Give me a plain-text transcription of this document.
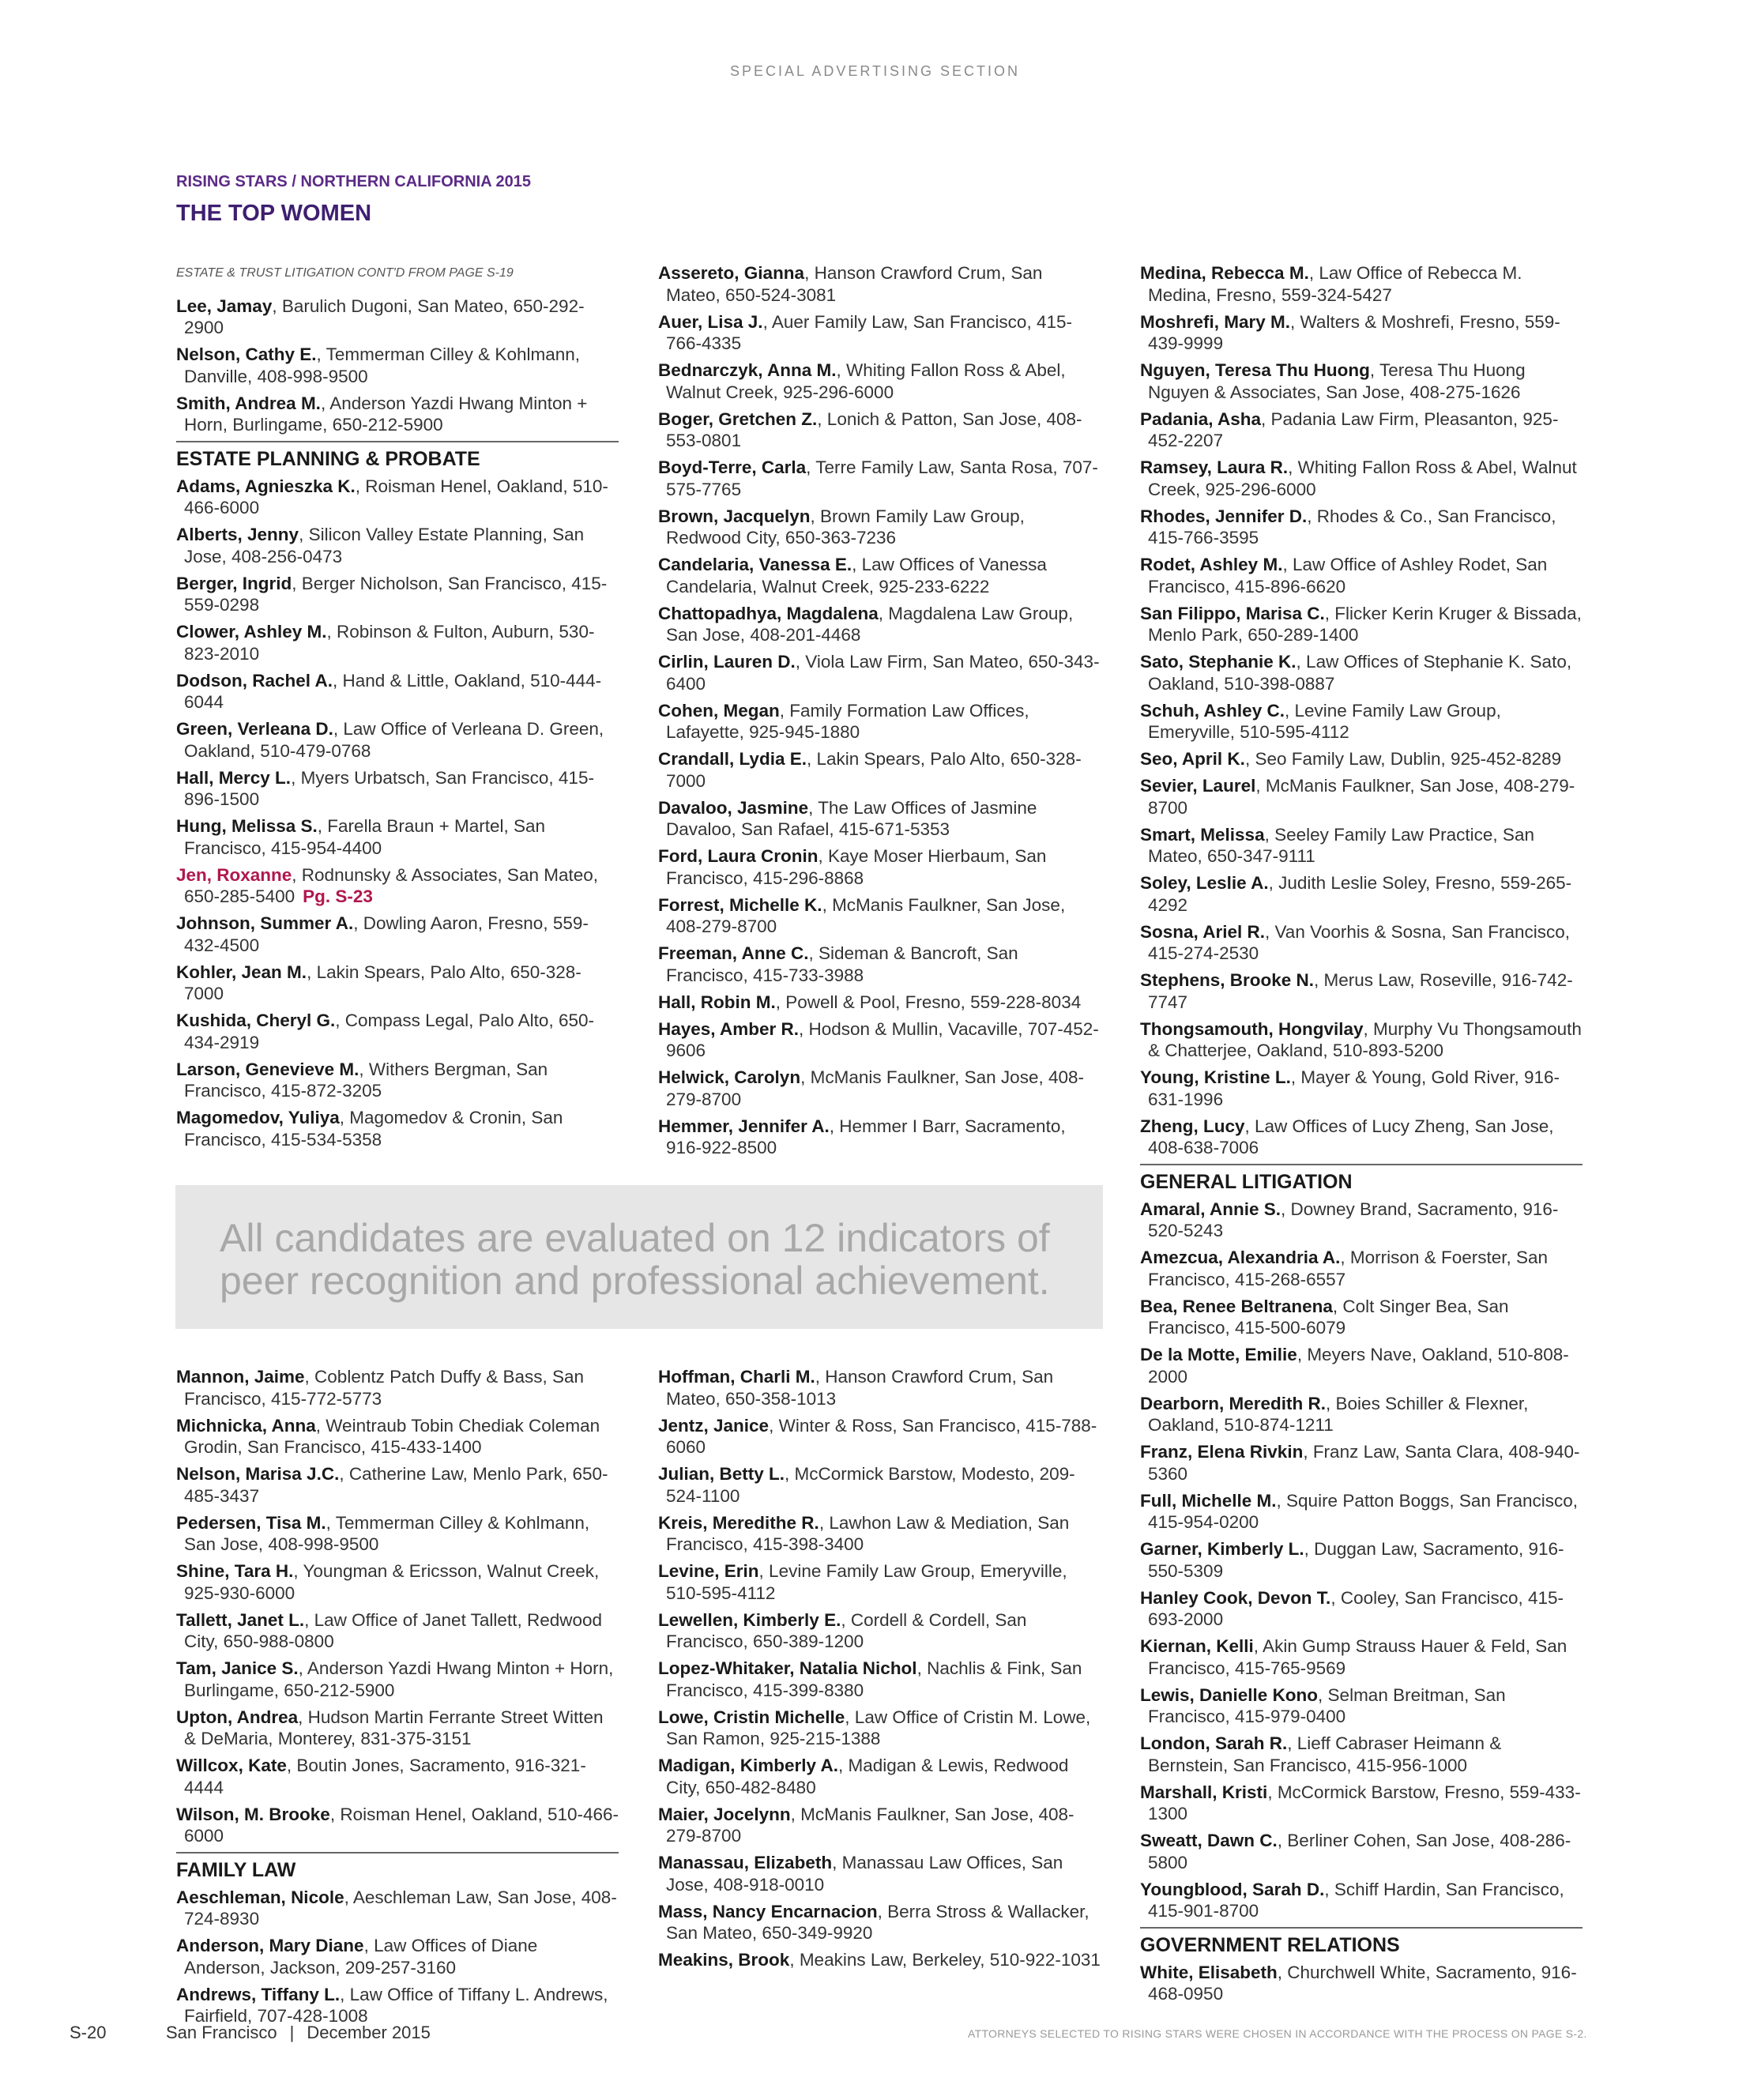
SPECIAL ADVERTISING SECTION
RISING STARS / NORTHERN CALIFORNIA 2015
THE TOP WOMEN
ESTATE & TRUST LITIGATION CONT'D FROM PAGE S-19
Lee, Jamay, Barulich Dugoni, San Mateo, 650-292-2900
Nelson, Cathy E., Temmerman Cilley & Kohlmann, Danville, 408-998-9500
Smith, Andrea M., Anderson Yazdi Hwang Minton + Horn, Burlingame, 650-212-5900
ESTATE PLANNING & PROBATE
Adams, Agnieszka K., Roisman Henel, Oakland, 510-466-6000
Alberts, Jenny, Silicon Valley Estate Planning, San Jose, 408-256-0473
Berger, Ingrid, Berger Nicholson, San Francisco, 415-559-0298
Clower, Ashley M., Robinson & Fulton, Auburn, 530-823-2010
Dodson, Rachel A., Hand & Little, Oakland, 510-444-6044
Green, Verleana D., Law Office of Verleana D. Green, Oakland, 510-479-0768
Hall, Mercy L., Myers Urbatsch, San Francisco, 415-896-1500
Hung, Melissa S., Farella Braun + Martel, San Francisco, 415-954-4400
Jen, Roxanne, Rodnunsky & Associates, San Mateo, 650-285-5400 Pg. S-23
Johnson, Summer A., Dowling Aaron, Fresno, 559-432-4500
Kohler, Jean M., Lakin Spears, Palo Alto, 650-328-7000
Kushida, Cheryl G., Compass Legal, Palo Alto, 650-434-2919
Larson, Genevieve M., Withers Bergman, San Francisco, 415-872-3205
Magomedov, Yuliya, Magomedov & Cronin, San Francisco, 415-534-5358
Assereto, Gianna, Hanson Crawford Crum, San Mateo, 650-524-3081
Auer, Lisa J., Auer Family Law, San Francisco, 415-766-4335
Bednarczyk, Anna M., Whiting Fallon Ross & Abel, Walnut Creek, 925-296-6000
Boger, Gretchen Z., Lonich & Patton, San Jose, 408-553-0801
Boyd-Terre, Carla, Terre Family Law, Santa Rosa, 707-575-7765
Brown, Jacquelyn, Brown Family Law Group, Redwood City, 650-363-7236
Candelaria, Vanessa E., Law Offices of Vanessa Candelaria, Walnut Creek, 925-233-6222
Chattopadhya, Magdalena, Magdalena Law Group, San Jose, 408-201-4468
Cirlin, Lauren D., Viola Law Firm, San Mateo, 650-343-6400
Cohen, Megan, Family Formation Law Offices, Lafayette, 925-945-1880
Crandall, Lydia E., Lakin Spears, Palo Alto, 650-328-7000
Davaloo, Jasmine, The Law Offices of Jasmine Davaloo, San Rafael, 415-671-5353
Ford, Laura Cronin, Kaye Moser Hierbaum, San Francisco, 415-296-8868
Forrest, Michelle K., McManis Faulkner, San Jose, 408-279-8700
Freeman, Anne C., Sideman & Bancroft, San Francisco, 415-733-3988
Hall, Robin M., Powell & Pool, Fresno, 559-228-8034
Hayes, Amber R., Hodson & Mullin, Vacaville, 707-452-9606
Helwick, Carolyn, McManis Faulkner, San Jose, 408-279-8700
Hemmer, Jennifer A., Hemmer I Barr, Sacramento, 916-922-8500
Medina, Rebecca M., Law Office of Rebecca M. Medina, Fresno, 559-324-5427
Moshrefi, Mary M., Walters & Moshrefi, Fresno, 559-439-9999
Nguyen, Teresa Thu Huong, Teresa Thu Huong Nguyen & Associates, San Jose, 408-275-1626
Padania, Asha, Padania Law Firm, Pleasanton, 925-452-2207
Ramsey, Laura R., Whiting Fallon Ross & Abel, Walnut Creek, 925-296-6000
Rhodes, Jennifer D., Rhodes & Co., San Francisco, 415-766-3595
Rodet, Ashley M., Law Office of Ashley Rodet, San Francisco, 415-896-6620
San Filippo, Marisa C., Flicker Kerin Kruger & Bissada, Menlo Park, 650-289-1400
Sato, Stephanie K., Law Offices of Stephanie K. Sato, Oakland, 510-398-0887
Schuh, Ashley C., Levine Family Law Group, Emeryville, 510-595-4112
Seo, April K., Seo Family Law, Dublin, 925-452-8289
Sevier, Laurel, McManis Faulkner, San Jose, 408-279-8700
Smart, Melissa, Seeley Family Law Practice, San Mateo, 650-347-9111
Soley, Leslie A., Judith Leslie Soley, Fresno, 559-265-4292
Sosna, Ariel R., Van Voorhis & Sosna, San Francisco, 415-274-2530
Stephens, Brooke N., Merus Law, Roseville, 916-742-7747
Thongsamouth, Hongvilay, Murphy Vu Thongsamouth & Chatterjee, Oakland, 510-893-5200
Young, Kristine L., Mayer & Young, Gold River, 916-631-1996
Zheng, Lucy, Law Offices of Lucy Zheng, San Jose, 408-638-7006
GENERAL LITIGATION
Amaral, Annie S., Downey Brand, Sacramento, 916-520-5243
Amezcua, Alexandria A., Morrison & Foerster, San Francisco, 415-268-6557
Bea, Renee Beltranena, Colt Singer Bea, San Francisco, 415-500-6079
De la Motte, Emilie, Meyers Nave, Oakland, 510-808-2000
Dearborn, Meredith R., Boies Schiller & Flexner, Oakland, 510-874-1211
Franz, Elena Rivkin, Franz Law, Santa Clara, 408-940-5360
Full, Michelle M., Squire Patton Boggs, San Francisco, 415-954-0200
Garner, Kimberly L., Duggan Law, Sacramento, 916-550-5309
Hanley Cook, Devon T., Cooley, San Francisco, 415-693-2000
Kiernan, Kelli, Akin Gump Strauss Hauer & Feld, San Francisco, 415-765-9569
Lewis, Danielle Kono, Selman Breitman, San Francisco, 415-979-0400
London, Sarah R., Lieff Cabraser Heimann & Bernstein, San Francisco, 415-956-1000
Marshall, Kristi, McCormick Barstow, Fresno, 559-433-1300
Sweatt, Dawn C., Berliner Cohen, San Jose, 408-286-5800
Youngblood, Sarah D., Schiff Hardin, San Francisco, 415-901-8700
GOVERNMENT RELATIONS
White, Elisabeth, Churchwell White, Sacramento, 916-468-0950
Mannon, Jaime, Coblentz Patch Duffy & Bass, San Francisco, 415-772-5773
Michnicka, Anna, Weintraub Tobin Chediak Coleman Grodin, San Francisco, 415-433-1400
Nelson, Marisa J.C., Catherine Law, Menlo Park, 650-485-3437
Pedersen, Tisa M., Temmerman Cilley & Kohlmann, San Jose, 408-998-9500
Shine, Tara H., Youngman & Ericsson, Walnut Creek, 925-930-6000
Tallett, Janet L., Law Office of Janet Tallett, Redwood City, 650-988-0800
Tam, Janice S., Anderson Yazdi Hwang Minton + Horn, Burlingame, 650-212-5900
Upton, Andrea, Hudson Martin Ferrante Street Witten & DeMaria, Monterey, 831-375-3151
Willcox, Kate, Boutin Jones, Sacramento, 916-321-4444
Wilson, M. Brooke, Roisman Henel, Oakland, 510-466-6000
FAMILY LAW
Aeschleman, Nicole, Aeschleman Law, San Jose, 408-724-8930
Anderson, Mary Diane, Law Offices of Diane Anderson, Jackson, 209-257-3160
Andrews, Tiffany L., Law Office of Tiffany L. Andrews, Fairfield, 707-428-1008
Hoffman, Charli M., Hanson Crawford Crum, San Mateo, 650-358-1013
Jentz, Janice, Winter & Ross, San Francisco, 415-788-6060
Julian, Betty L., McCormick Barstow, Modesto, 209-524-1100
Kreis, Meredithe R., Lawhon Law & Mediation, San Francisco, 415-398-3400
Levine, Erin, Levine Family Law Group, Emeryville, 510-595-4112
Lewellen, Kimberly E., Cordell & Cordell, San Francisco, 650-389-1200
Lopez-Whitaker, Natalia Nichol, Nachlis & Fink, San Francisco, 415-399-8380
Lowe, Cristin Michelle, Law Office of Cristin M. Lowe, San Ramon, 925-215-1388
Madigan, Kimberly A., Madigan & Lewis, Redwood City, 650-482-8480
Maier, Jocelynn, McManis Faulkner, San Jose, 408-279-8700
Manassau, Elizabeth, Manassau Law Offices, San Jose, 408-918-0010
Mass, Nancy Encarnacion, Berra Stross & Wallacker, San Mateo, 650-349-9920
Meakins, Brook, Meakins Law, Berkeley, 510-922-1031
All candidates are evaluated on 12 indicators of peer recognition and professional achievement.
S-20	San Francisco | December 2015	ATTORNEYS SELECTED TO RISING STARS WERE CHOSEN IN ACCORDANCE WITH THE PROCESS ON PAGE S-2.
